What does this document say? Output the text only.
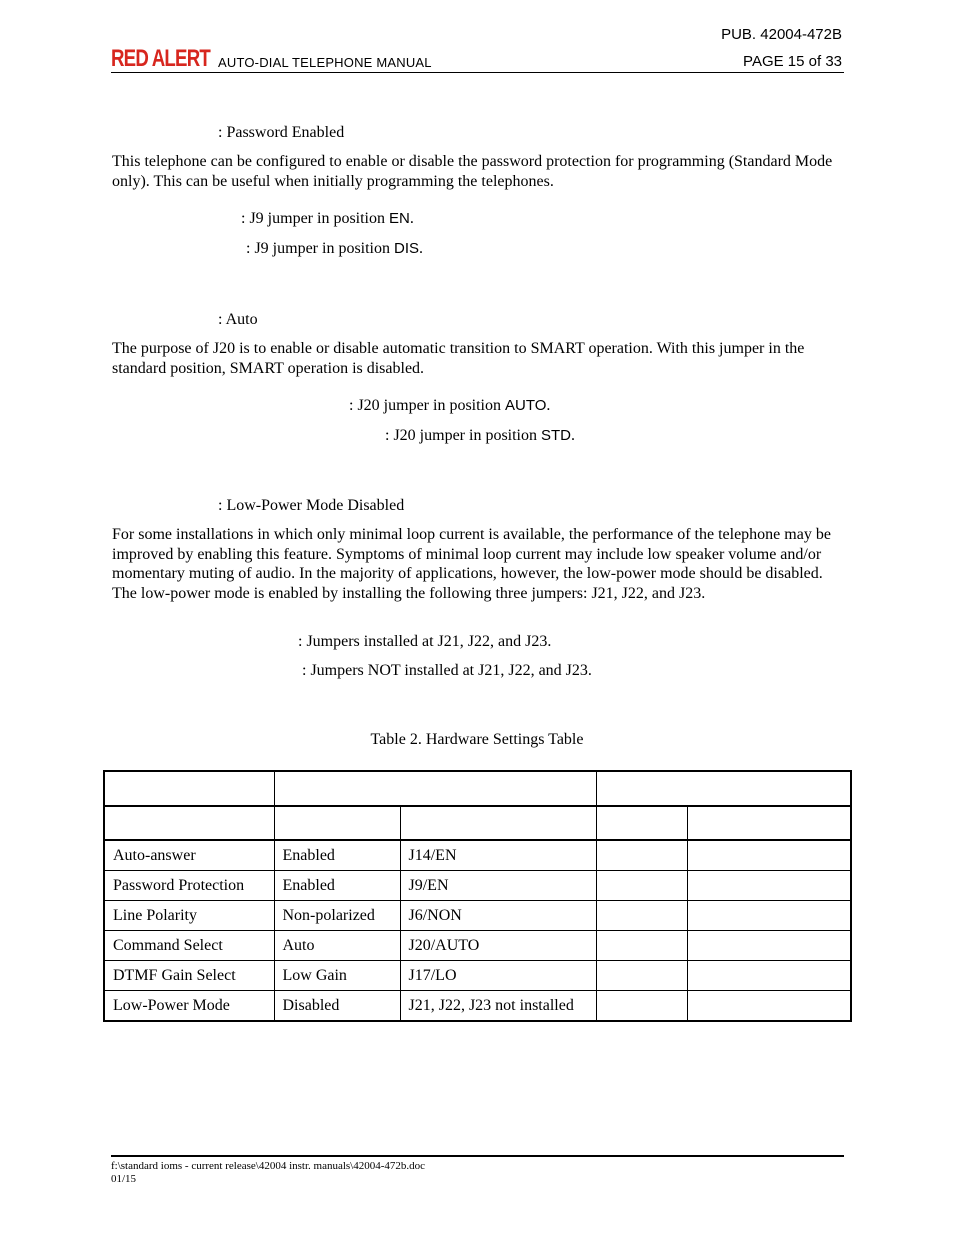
PUB. 42004-472B
RED ALERT AUTO-DIAL TELEPHONE MANUAL	PAGE 15 of 33
: Password Enabled
This telephone can be configured to enable or disable the password protection for programming (Standard Mode only). This can be useful when initially programming the telephones.
: J9 jumper in position EN.
: J9 jumper in position DIS.
: Auto
The purpose of J20 is to enable or disable automatic transition to SMART operation. With this jumper in the standard position, SMART operation is disabled.
: J20 jumper in position AUTO.
: J20 jumper in position STD.
: Low-Power Mode Disabled
For some installations in which only minimal loop current is available, the performance of the telephone may be improved by enabling this feature. Symptoms of minimal loop current may include low speaker volume and/or momentary muting of audio. In the majority of applications, however, the low-power mode should be disabled. The low-power mode is enabled by installing the following three jumpers: J21, J22, and J23.
: Jumpers installed at J21, J22, and J23.
: Jumpers NOT installed at J21, J22, and J23.
Table 2. Hardware Settings Table

Auto-answer	Enabled	J14/EN		
Password Protection	Enabled	J9/EN		
Line Polarity	Non-polarized	J6/NON		
Command Select	Auto	J20/AUTO		
DTMF Gain Select	Low Gain	J17/LO		
Low-Power Mode	Disabled	J21, J22, J23 not installed		
f:\standard ioms - current release\42004 instr. manuals\42004-472b.doc
01/15
